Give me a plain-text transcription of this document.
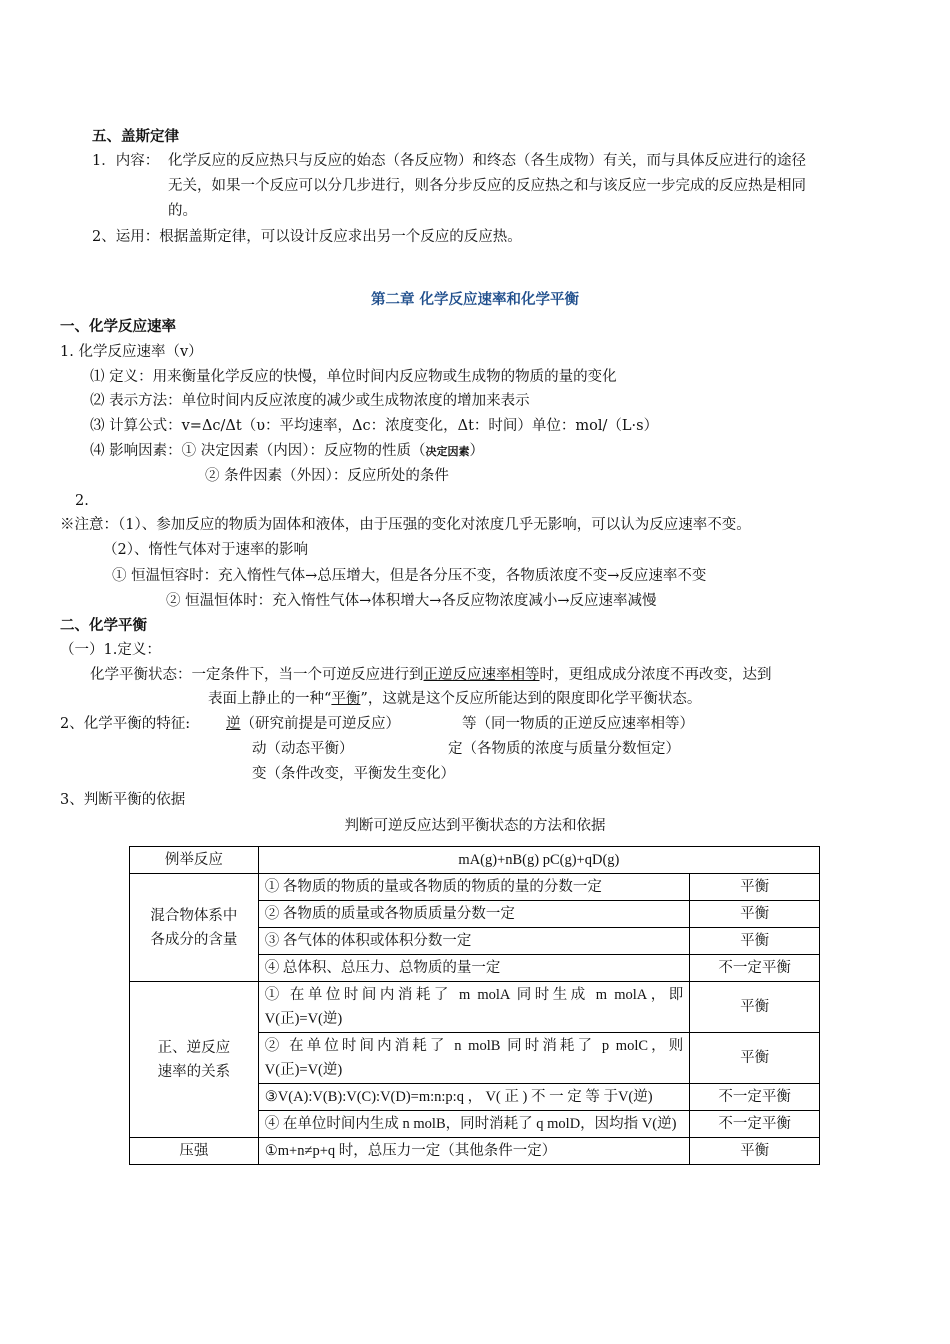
五、盖斯定律
1．内容： 化学反应的反应热只与反应的始态（各反应物）和终态（各生成物）有关，而与具体反应进行的途径
无关，如果一个反应可以分几步进行，则各分步反应的反应热之和与该反应一步完成的反应热是相同
的。
2、运用：根据盖斯定律，可以设计反应求出另一个反应的反应热。
第二章 化学反应速率和化学平衡
一、化学反应速率
1. 化学反应速率（v）
⑴ 定义：用来衡量化学反应的快慢，单位时间内反应物或生成物的物质的量的变化
⑵ 表示方法：单位时间内反应浓度的减少或生成物浓度的增加来表示
⑶ 计算公式：v=Δc/Δt（υ：平均速率，Δc：浓度变化，Δt：时间）单位：mol/（L·s）
⑷ 影响因素：① 决定因素（内因）：反应物的性质（决定因素）
② 条件因素（外因）：反应所处的条件
2.
※注意：（1）、参加反应的物质为固体和液体，由于压强的变化对浓度几乎无影响，可以认为反应速率不变。
（2）、惰性气体对于速率的影响
① 恒温恒容时：充入惰性气体→总压增大，但是各分压不变，各物质浓度不变→反应速率不变
② 恒温恒体时：充入惰性气体→体积增大→各反应物浓度减小→反应速率减慢
二、化学平衡
（一）1.定义：
化学平衡状态：一定条件下，当一个可逆反应进行到正逆反应速率相等时，更组成成分浓度不再改变，达到
表面上静止的一种“平衡”，这就是这个反应所能达到的限度即化学平衡状态。
2、化学平衡的特征: 逆（研究前提是可逆反应）	等（同一物质的正逆反应速率相等）
动（动态平衡）	定（各物质的浓度与质量分数恒定）
变（条件改变，平衡发生变化）
3、判断平衡的依据
判断可逆反应达到平衡状态的方法和依据
例举反应	mA(g)+nB(g) pC(g)+qD(g)	
混合物体系中
各成分的含量	① 各物质的物质的量或各物质的物质的量的分数一定	平衡
	② 各物质的质量或各物质质量分数一定	平衡
	③ 各气体的体积或体积分数一定	平衡
	④ 总体积、总压力、总物质的量一定	不一定平衡
正、逆反应
速率的关系	① 在单位时间内消耗了 m molA 同时生成 m molA，即V(正)=V(逆)	平衡
	② 在单位时间内消耗了 n molB 同时消耗了 p molC，则V(正)=V(逆)	平衡
	③V(A):V(B):V(C):V(D)=m:n:p:q ， V( 正 ) 不 一 定 等 于V(逆)	不一定平衡
	④ 在单位时间内生成 n molB，同时消耗了 q molD，因均指 V(逆)	不一定平衡
压强	①m+n≠p+q 时，总压力一定（其他条件一定）	平衡
